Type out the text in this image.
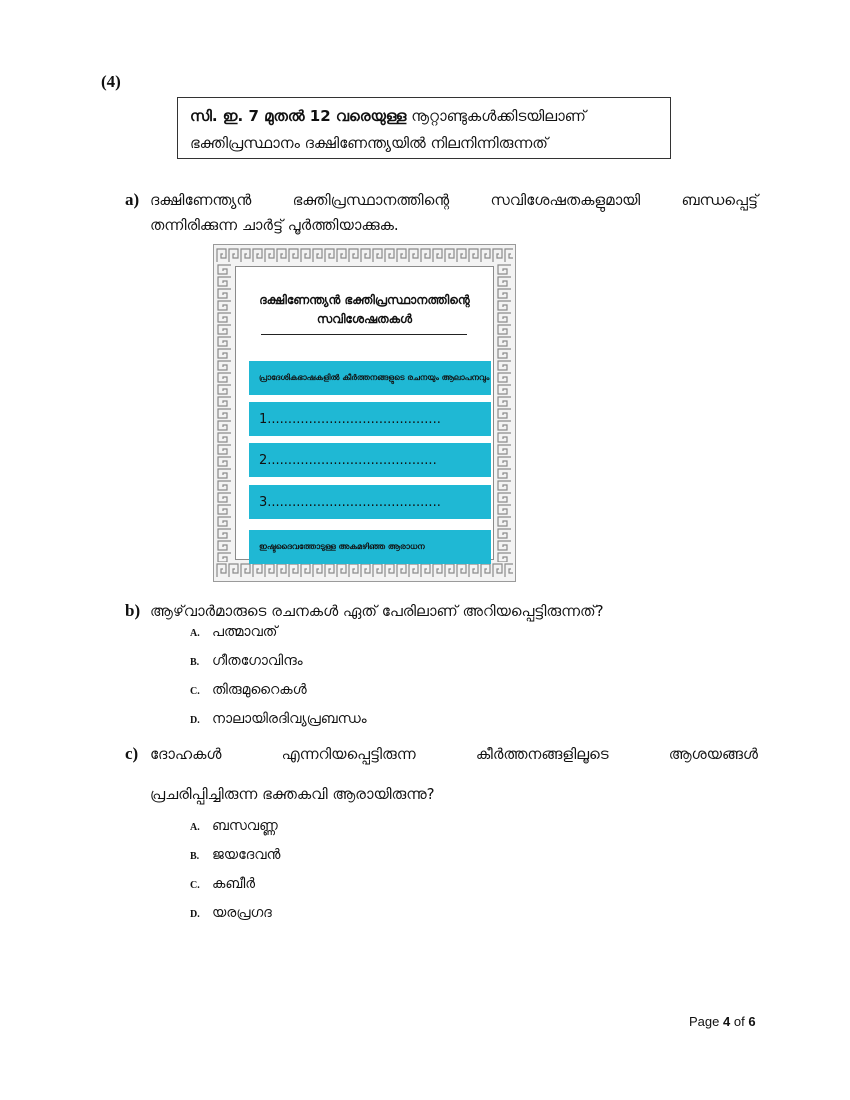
(4)
സി. ഇ. 7 മുതൽ 12 വരെയുള്ള നൂറ്റാണ്ടുകൾക്കിടയിലാണ്
ഭക്തിപ്രസ്ഥാനം ദക്ഷിണേന്ത്യയിൽ നിലനിന്നിരുന്നത്
a) ദക്ഷിണേന്ത്യൻ ഭക്തിപ്രസ്ഥാനത്തിന്റെ സവിശേഷതകളുമായി ബന്ധപ്പെട്ട്
തന്നിരിക്കുന്ന ചാർട്ട് പൂർത്തിയാക്കുക.
ദക്ഷിണേന്ത്യൻ ഭക്തിപ്രസ്ഥാനത്തിന്റെ
സവിശേഷതകൾ
പ്രാദേശികഭാഷകളിൽ കീർത്തനങ്ങളുടെ രചനയും ആലാപനവും
1..........................................
2.........................................
3..........................................
ഇഷ്ടദൈവത്തോടുള്ള അകമഴിഞ്ഞ ആരാധന
b) ആഴ്‌വാർമാരുടെ രചനകൾ ഏത് പേരിലാണ് അറിയപ്പെട്ടിരുന്നത്?
A. പത്മാവത്
B. ഗീതഗോവിന്ദം
C. തിരുമുറൈകൾ
D. നാലായിരദിവ്യപ്രബന്ധം
c) ദോഹകൾ എന്നറിയപ്പെട്ടിരുന്ന കീർത്തനങ്ങളിലൂടെ ആശയങ്ങൾ
പ്രചരിപ്പിച്ചിരുന്ന ഭക്തകവി ആരായിരുന്നു?
A. ബസവണ്ണ
B. ജയദേവൻ
C. കബീർ
D. യരപ്രഗദ
Page 4 of 6
